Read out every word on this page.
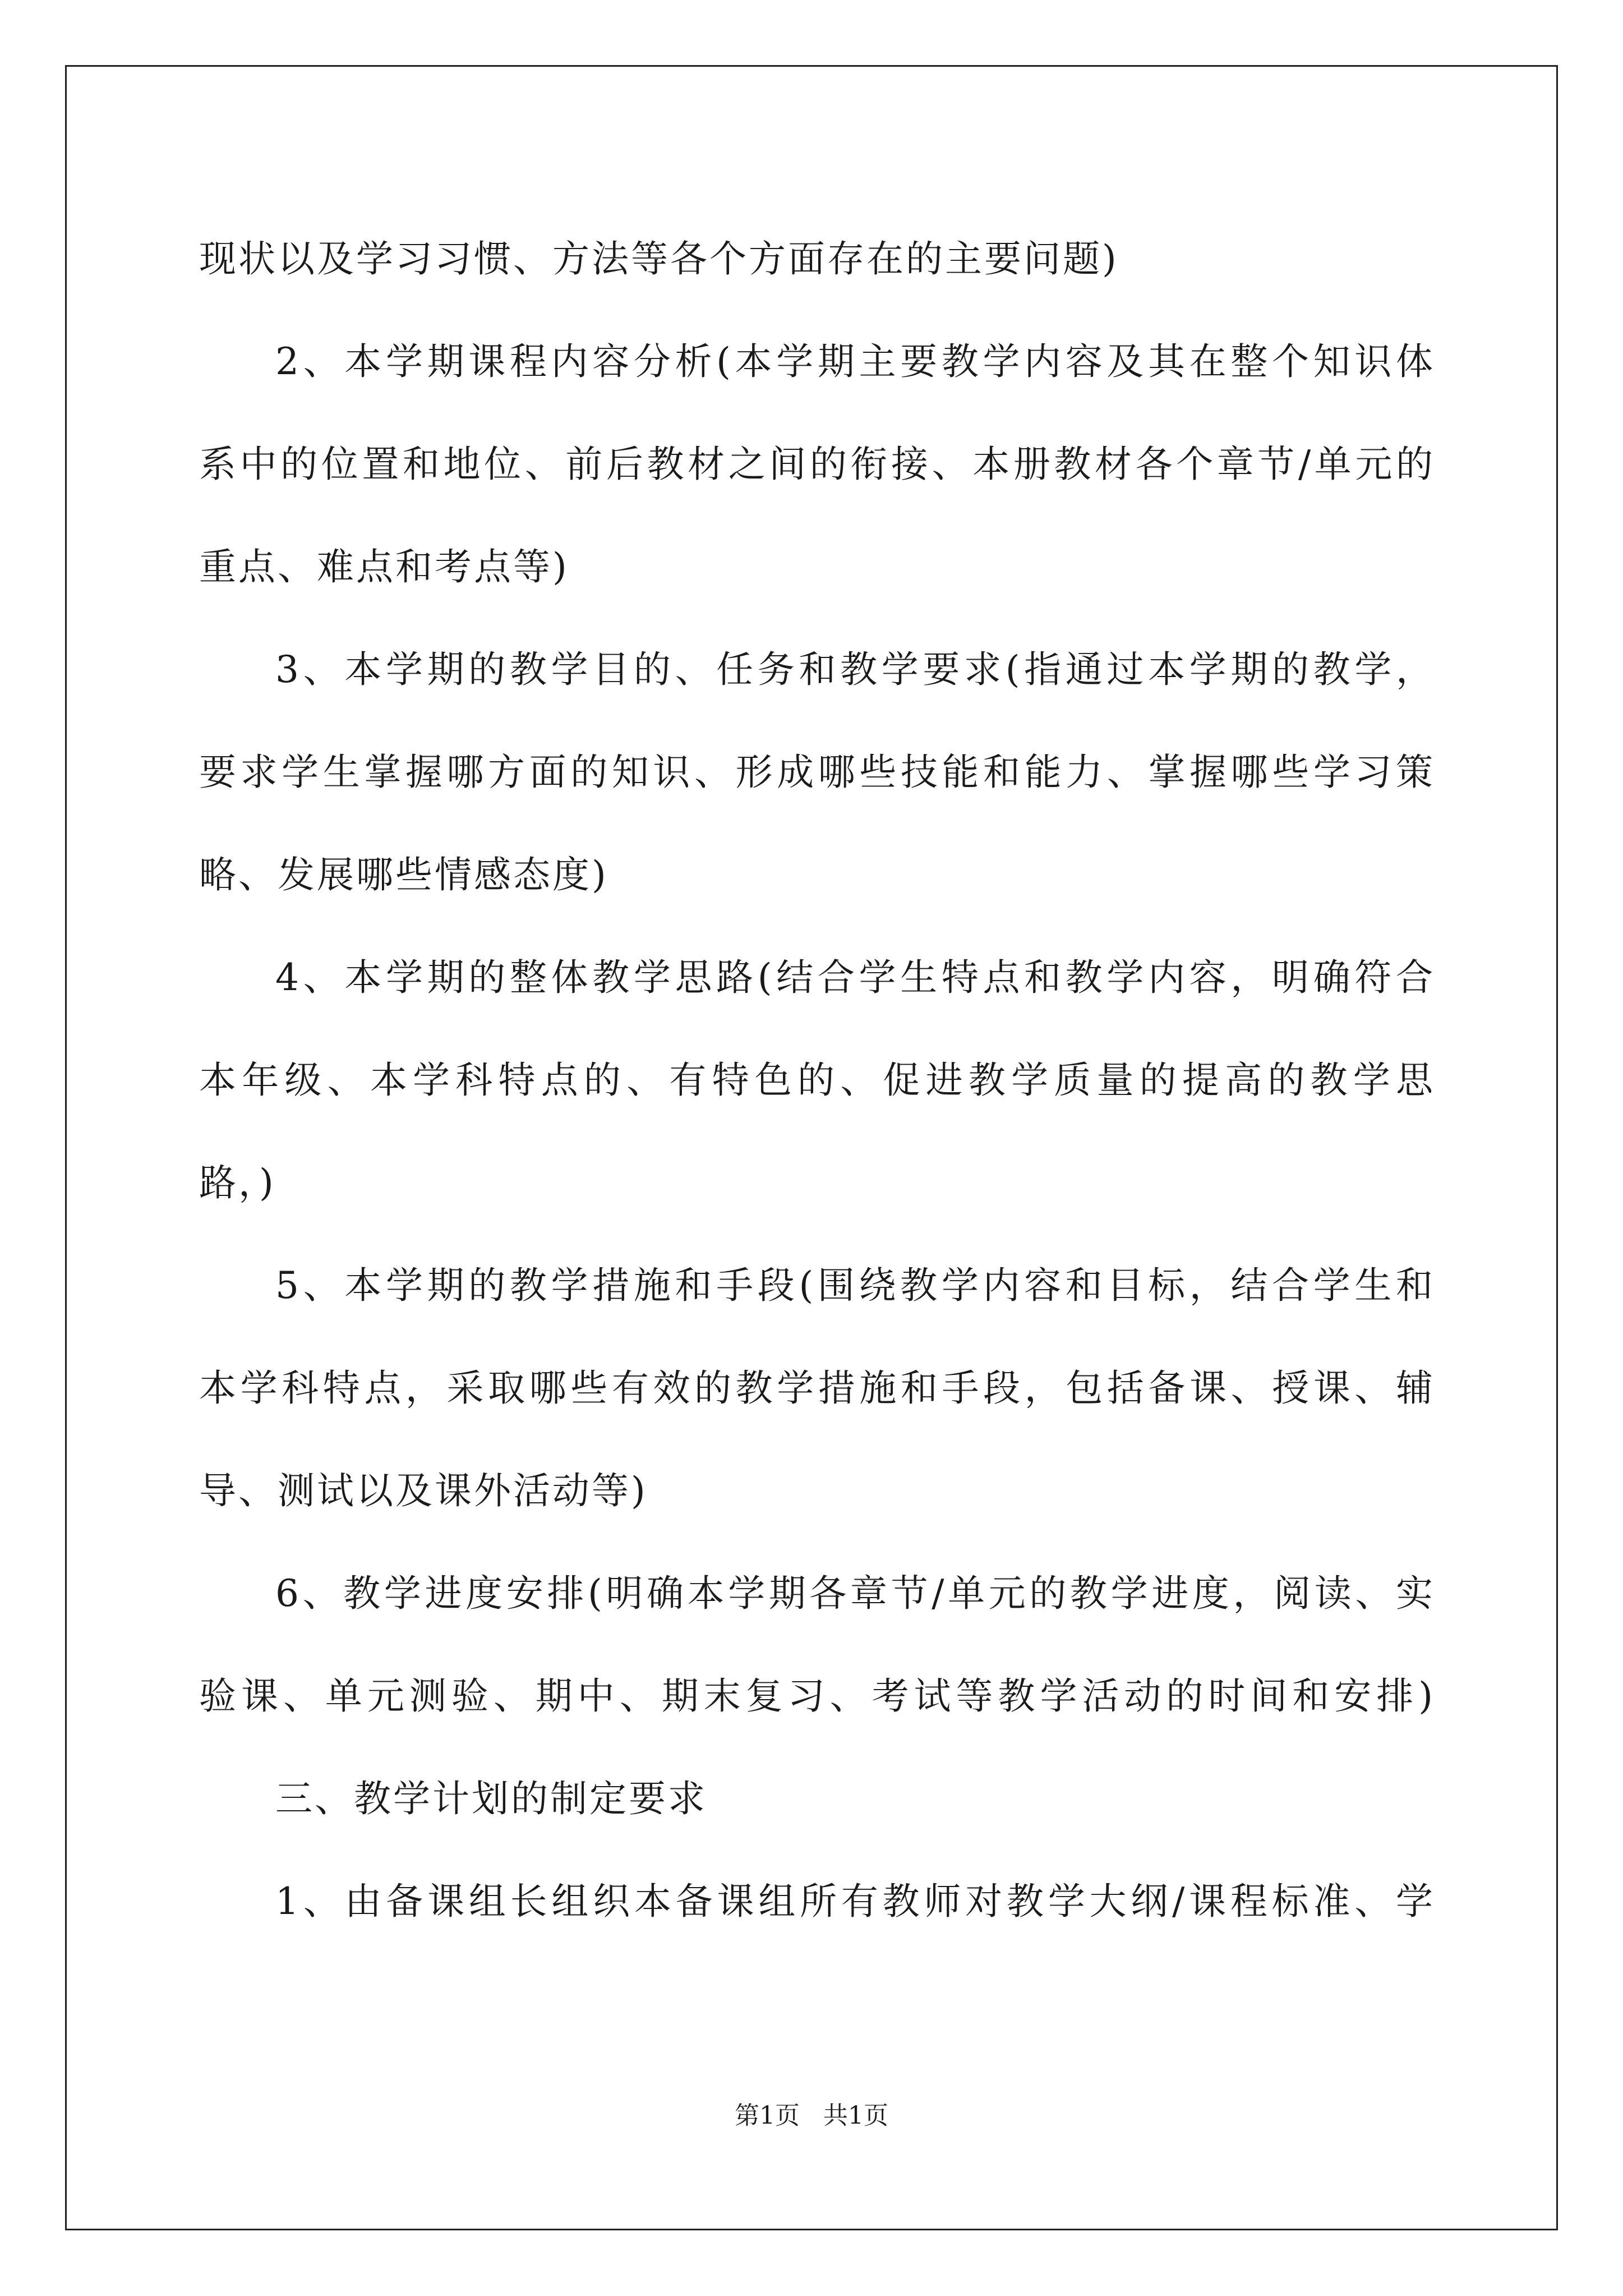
现状以及学习习惯、方法等各个方面存在的主要问题)
2、本学期课程内容分析(本学期主要教学内容及其在整个知识体
系中的位置和地位、前后教材之间的衔接、本册教材各个章节/单元的
重点、难点和考点等)
3、本学期的教学目的、任务和教学要求(指通过本学期的教学，
要求学生掌握哪方面的知识、形成哪些技能和能力、掌握哪些学习策
略、发展哪些情感态度)
4、本学期的整体教学思路(结合学生特点和教学内容，明确符合
本年级、本学科特点的、有特色的、促进教学质量的提高的教学思
路，)
5、本学期的教学措施和手段(围绕教学内容和目标，结合学生和
本学科特点，采取哪些有效的教学措施和手段，包括备课、授课、辅
导、测试以及课外活动等)
6、教学进度安排(明确本学期各章节/单元的教学进度，阅读、实
验课、单元测验、期中、期末复习、考试等教学活动的时间和安排)
三、教学计划的制定要求
1、由备课组长组织本备课组所有教师对教学大纲/课程标准、学
第1页   共1页
